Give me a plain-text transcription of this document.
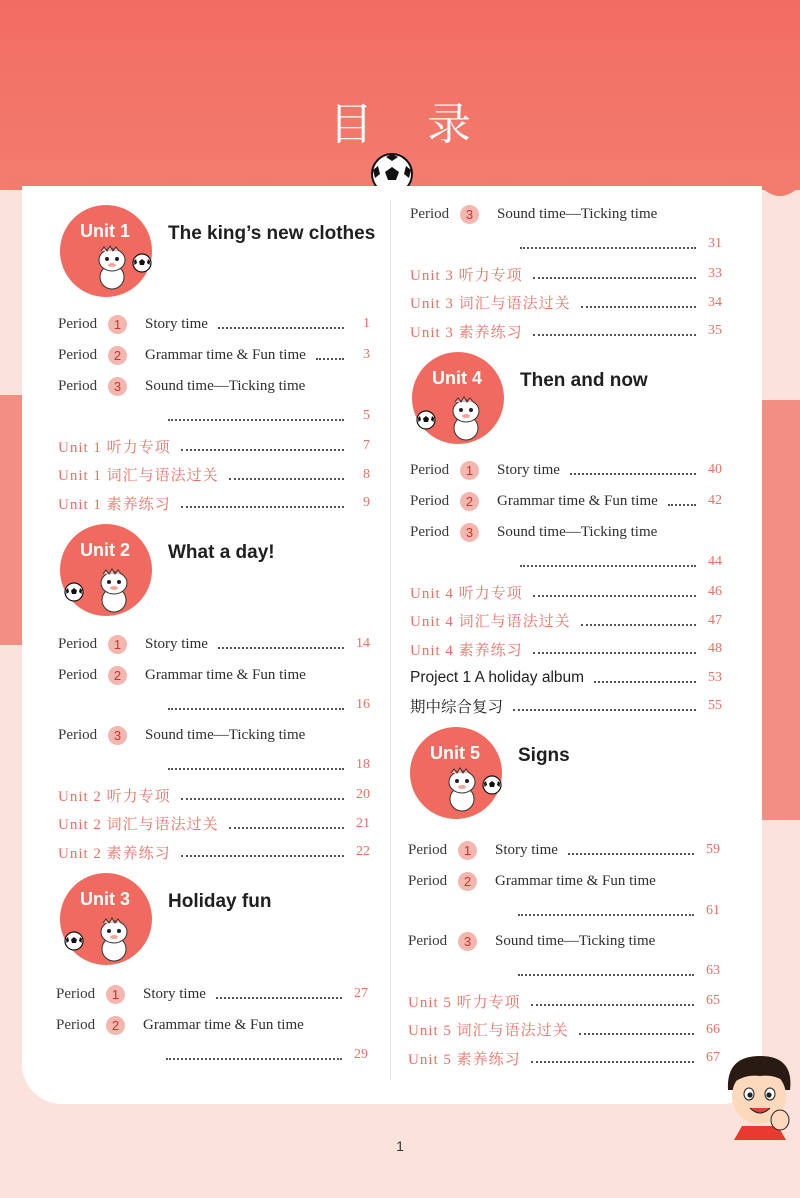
目 录
Unit 1 The king’s new clothes
Period	1	Story time	1
Period	2	Grammar time & Fun time	3
Period	3	Sound time—Ticking time
5
Unit 1 听力专项	7
Unit 1 词汇与语法过关	8
Unit 1 素养练习	9
Unit 2 What a day!
Period	1	Story time	14
Period	2	Grammar time & Fun time
16
Period	3	Sound time—Ticking time
18
Unit 2 听力专项	20
Unit 2 词汇与语法过关	21
Unit 2 素养练习	22
Unit 3 Holiday fun
Period	1	Story time	27
Period	2	Grammar time & Fun time
29
Period	3	Sound time—Ticking time
31
Unit 3 听力专项	33
Unit 3 词汇与语法过关	34
Unit 3 素养练习	35
Unit 4 Then and now
Period	1	Story time	40
Period	2	Grammar time & Fun time	42
Period	3	Sound time—Ticking time
44
Unit 4 听力专项	46
Unit 4 词汇与语法过关	47
Unit 4 素养练习	48
Project 1 A holiday album	53
期中综合复习	55
Unit 5 Signs
Period	1	Story time	59
Period	2	Grammar time & Fun time
61
Period	3	Sound time—Ticking time
63
Unit 5 听力专项	65
Unit 5 词汇与语法过关	66
Unit 5 素养练习	67
1
